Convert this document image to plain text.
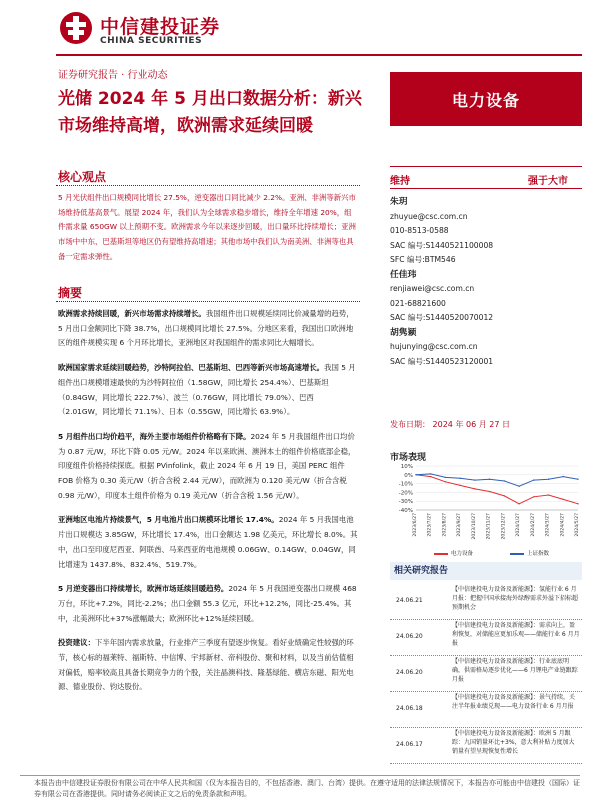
中信建投证券
CHINA SECURITIES
证券研究报告 · 行业动态
光储 2024 年 5 月出口数据分析：新兴市场维持高增，欧洲需求延续回暖
电力设备
核心观点
5 月光伏组件出口规模同比增长 27.5%，逆变器出口同比减少 2.2%。亚洲、非洲等新兴市场维持低基高景气。展望 2024 年，我们认为全球需求稳步增长，维持全年增速 20%，组件需求量 650GW 以上预期不变。欧洲需求今年以来逐步回暖，出口量环比持续增长；亚洲市场中中东、巴基斯坦等地区仍有望维持高增速；其他市场中我们认为南美洲、非洲等也具备一定需求弹性。
摘要

欧洲需求持续回暖，新兴市场需求持续增长。我国组件出口规模延续同比价减量增的趋势，5 月出口金额同比下降 38.7%，出口规模同比增长 27.5%。分地区来看，我国出口欧洲地区的组件规模实现 6 个月环比增长，亚洲地区对我国组件的需求同比大幅增长。

欧洲国家需求延续回暖趋势，沙特阿拉伯、巴基斯坦、巴西等新兴市场高速增长。我国 5 月组件出口规模增速最快的为沙特阿拉伯（1.58GW，同比增长 254.4%）、巴基斯坦（0.84GW，同比增长 222.7%）、波兰（0.76GW，同比增长 79.0%）、巴西（2.01GW，同比增长 71.1%）、日本（0.55GW，同比增长 63.9%）。

5 月组件出口均价趋平，海外主要市场组件价格略有下降。2024 年 5 月我国组件出口均价为 0.87 元/W，环比下降 0.05 元/W。2024 年以来欧洲、澳洲本土的组件价格底部企稳，印度组件价格持续探底。根据 PVinfolink，截止 2024 年 6 月 19 日，美国 PERC 组件 FOB 价格为 0.30 美元/W（折合含税 2.44 元/W），而欧洲为 0.120 美元/W（折合含税 0.98 元/W），印度本土组件价格为 0.19 美元/W（折合含税 1.56 元/W）。

亚洲地区电池片持续景气，5 月电池片出口规模环比增长 17.4%。2024 年 5 月我国电池片出口规模达 3.85GW，环比增长 17.4%，出口金额达 1.98 亿美元，环比增长 8.0%。其中，出口至印度尼西亚、阿联酋、马来西亚的电池规模 0.06GW、0.14GW、0.04GW，同比增速为 1437.8%、832.4%、519.7%。

5 月逆变器出口持续增长，欧洲市场延续回暖趋势。2024 年 5 月我国逆变器出口规模 468 万台，环比+7.2%，同比-2.2%；出口金额 55.3 亿元，环比+12.2%，同比-25.4%。其中，北美洲环比+37%涨幅最大；欧洲环比+12%延续回暖。

投资建议：下半年国内需求放量，行业排产三季度有望逐步恢复。看好业绩确定性较强的环节，核心标的福莱特、福斯特、中信博、宇邦新材、帝科股份、聚和材料，以及当前估值相对偏低，赔率较高且具备长期竞争力的个股，关注晶澳科技、隆基绿能、横店东磁、阳光电源、德业股份、钧达股份。

维持	强于大市
朱玥
zhuyue@csc.com.cn
010-8513-0588
SAC 编号:S1440521100008
SFC 编号:BTM546
任佳玮
renjiawei@csc.com.cn
021-68821600
SAC 编号:S1440520070012
胡隽颖
hujunying@csc.com.cn
SAC 编号:S1440523120001
发布日期： 2024 年 06 月 27 日
市场表现
10%
0%
-10%
-20%
-30%
-40%
2023/6/27 2023/7/27 2023/8/27 2023/9/27 2023/10/27 2023/11/27 2023/12/27 2024/1/27 2024/2/27 2024/3/27 2024/4/27 2024/5/27
电力设备	上证指数
相关研究报告
24.06.21
【中信建投电力设备及新能源】：氢能行业 6 月月报：把握中国承接海外绿醇需求外溢下招标超预期机会
24.06.20
【中信建投电力设备及新能源】：需求向上，盈利恢复，对储能应更加乐观——储能行业 6 月月报
24.06.20
【中信建投电力设备及新能源】：行业底底明确，供需格局逐步优化——6 月锂电产业链跟踪月报
24.06.18
【中信建投电力设备及新能源】：景气持续，关注半年报业绩兑现——电力设备行业 6 月月报
24.06.17
【中信建投电力设备及新能源】：欧洲 5 月跟踪：九国销量环比+3%，意大利补贴力度加大销量有望呈现恢复性增长
本报告由中信建投证券股份有限公司在中华人民共和国（仅为本报告目的，不包括香港、澳门、台湾）提供。在遵守适用的法律法规情况下，本报告亦可能由中信建投（国际）证券有限公司在香港提供。同时请务必阅读正文之后的免责条款和声明。
